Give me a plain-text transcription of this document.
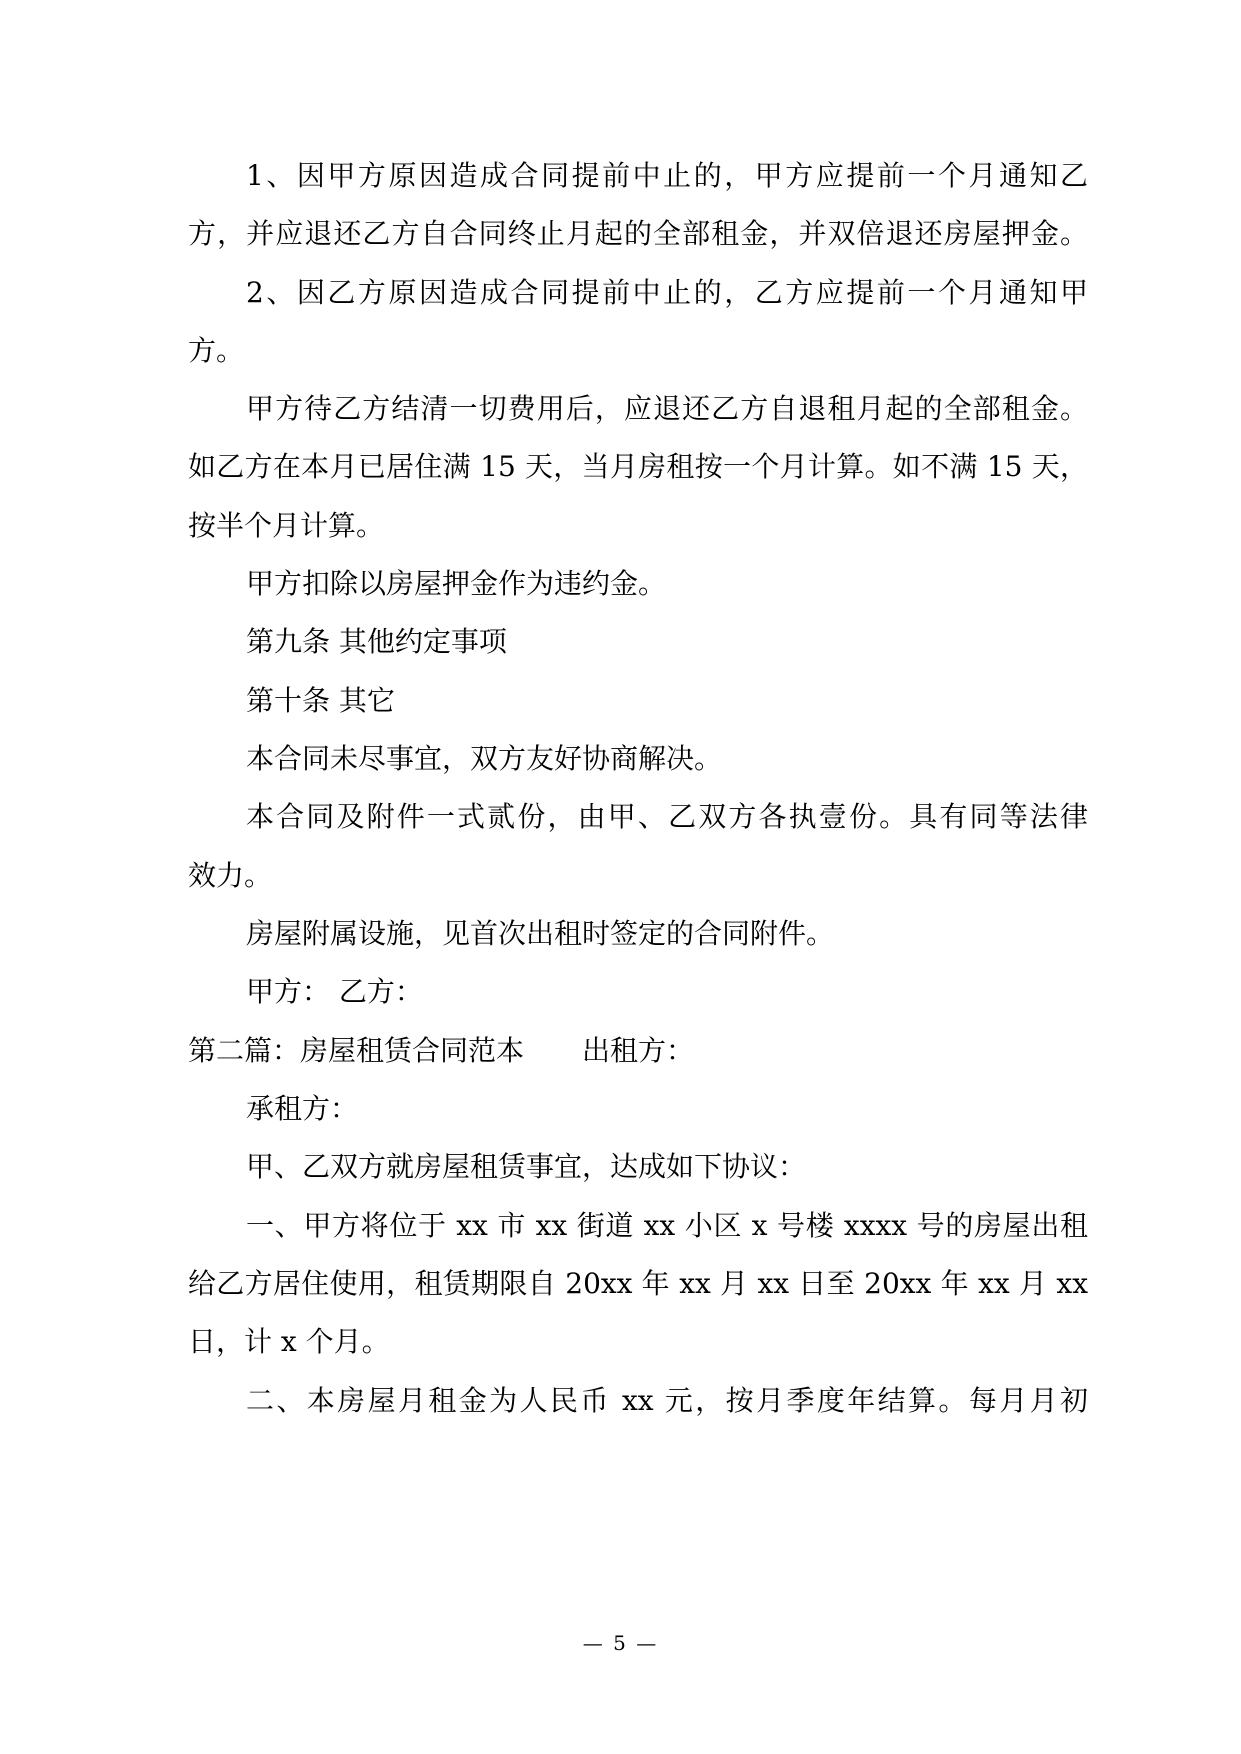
1、因甲方原因造成合同提前中止的，甲方应提前一个月通知乙
方，并应退还乙方自合同终止月起的全部租金，并双倍退还房屋押金。
2、因乙方原因造成合同提前中止的，乙方应提前一个月通知甲
方。
甲方待乙方结清一切费用后，应退还乙方自退租月起的全部租金。
如乙方在本月已居住满 15 天，当月房租按一个月计算。如不满 15 天，
按半个月计算。
甲方扣除以房屋押金作为违约金。
第九条 其他约定事项
第十条 其它
本合同未尽事宜，双方友好协商解决。
本合同及附件一式贰份，由甲、乙双方各执壹份。具有同等法律
效力。
房屋附属设施，见首次出租时签定的合同附件。
甲方： 乙方：
第二篇：房屋租赁合同范本 出租方：
承租方：
甲、乙双方就房屋租赁事宜，达成如下协议：
一、甲方将位于 xx 市 xx 街道 xx 小区 x 号楼 xxxx 号的房屋出租
给乙方居住使用，租赁期限自 20xx 年 xx 月 xx 日至 20xx 年 xx 月 xx
日，计 x 个月。
二、本房屋月租金为人民币 xx 元，按月季度年结算。每月月初
— 5 —
